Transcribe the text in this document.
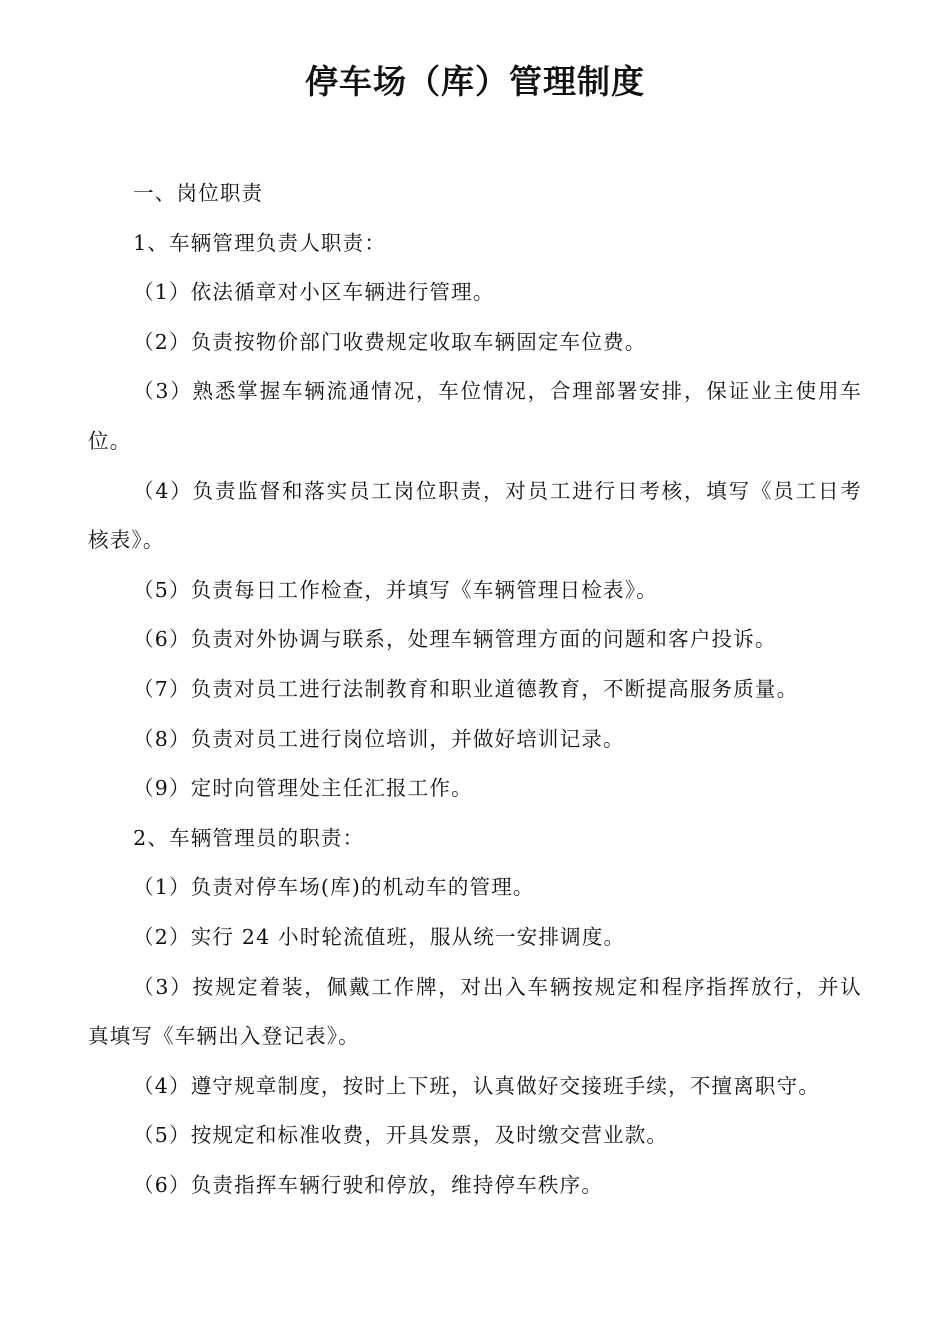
停车场（库）管理制度

一、岗位职责

1、车辆管理负责人职责：

（1）依法循章对小区车辆进行管理。

（2）负责按物价部门收费规定收取车辆固定车位费。

（3）熟悉掌握车辆流通情况，车位情况，合理部署安排，保证业主使用车位。

（4）负责监督和落实员工岗位职责，对员工进行日考核，填写《员工日考核表》。

（5）负责每日工作检查，并填写《车辆管理日检表》。

（6）负责对外协调与联系，处理车辆管理方面的问题和客户投诉。

（7）负责对员工进行法制教育和职业道德教育，不断提高服务质量。

（8）负责对员工进行岗位培训，并做好培训记录。

（9）定时向管理处主任汇报工作。

2、车辆管理员的职责：

（1）负责对停车场(库)的机动车的管理。

（2）实行 24 小时轮流值班，服从统一安排调度。

（3）按规定着装，佩戴工作牌，对出入车辆按规定和程序指挥放行，并认真填写《车辆出入登记表》。

（4）遵守规章制度，按时上下班，认真做好交接班手续，不擅离职守。

（5）按规定和标准收费，开具发票，及时缴交营业款。

（6）负责指挥车辆行驶和停放，维持停车秩序。
